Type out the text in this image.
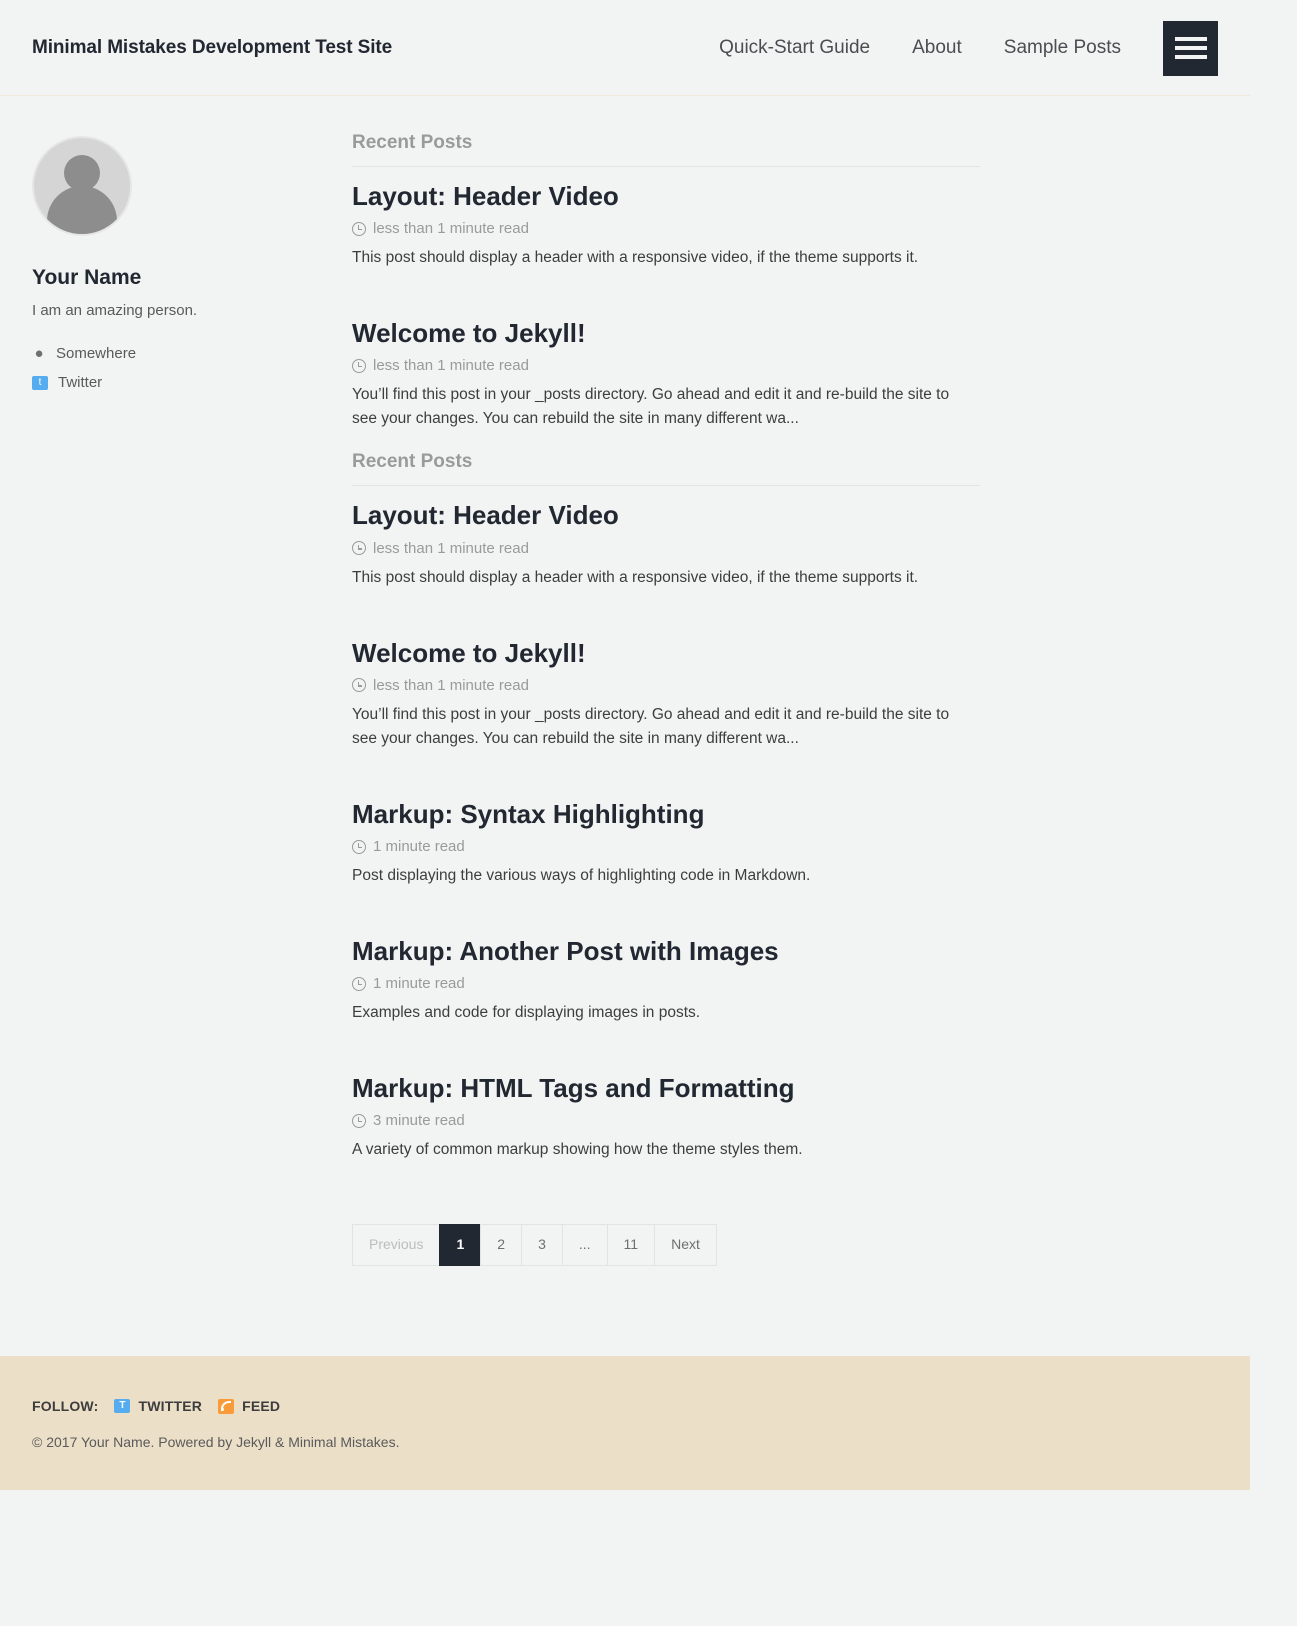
Minimal Mistakes Development Test Site	Quick-Start Guide About Sample Posts
Your Name
I am an amazing person.
● Somewhere
t	Twitter
Recent Posts
Layout: Header Video
less than 1 minute read

This post should display a header with a responsive video, if the theme supports it.

Welcome to Jekyll!
less than 1 minute read

You’ll find this post in your _posts directory. Go ahead and edit it and re-build the site to see your changes. You can rebuild the site in many different wa...

Recent Posts
Layout: Header Video
less than 1 minute read

This post should display a header with a responsive video, if the theme supports it.

Welcome to Jekyll!
less than 1 minute read

You’ll find this post in your _posts directory. Go ahead and edit it and re-build the site to see your changes. You can rebuild the site in many different wa...

Markup: Syntax Highlighting
1 minute read

Post displaying the various ways of highlighting code in Markdown.

Markup: Another Post with Images
1 minute read

Examples and code for displaying images in posts.

Markup: HTML Tags and Formatting
3 minute read

A variety of common markup showing how the theme styles them.

Previous	1	2	3	...	11	Next
FOLLOW:	T TWITTER	FEED
© 2017 Your Name. Powered by Jekyll & Minimal Mistakes.
